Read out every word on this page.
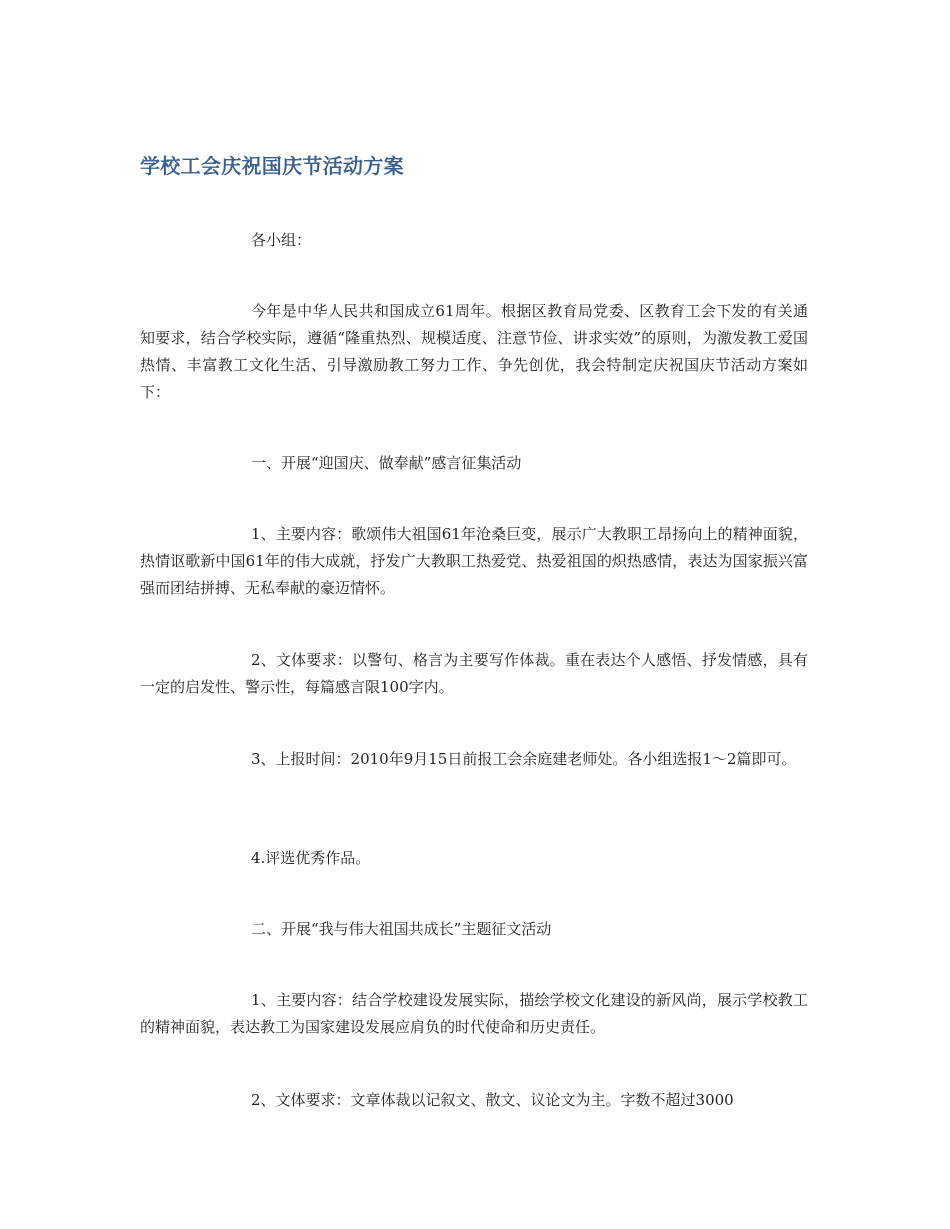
学校工会庆祝国庆节活动方案

各小组：

今年是中华人民共和国成立61周年。根据区教育局党委、区教育工会下发的有关通知要求，结合学校实际，遵循“隆重热烈、规模适度、注意节俭、讲求实效”的原则，为激发教工爱国热情、丰富教工文化生活、引导激励教工努力工作、争先创优，我会特制定庆祝国庆节活动方案如下：

一、开展“迎国庆、做奉献”感言征集活动

1、主要内容：歌颂伟大祖国61年沧桑巨变，展示广大教职工昂扬向上的精神面貌，热情讴歌新中国61年的伟大成就，抒发广大教职工热爱党、热爱祖国的炽热感情，表达为国家振兴富强而团结拼搏、无私奉献的豪迈情怀。

2、文体要求：以警句、格言为主要写作体裁。重在表达个人感悟、抒发情感，具有一定的启发性、警示性，每篇感言限100字内。

3、上报时间：2010年9月15日前报工会余庭建老师处。各小组选报1～2篇即可。

4.评选优秀作品。

二、开展“我与伟大祖国共成长”主题征文活动

1、主要内容：结合学校建设发展实际，描绘学校文化建设的新风尚，展示学校教工的精神面貌，表达教工为国家建设发展应肩负的时代使命和历史责任。

2、文体要求：文章体裁以记叙文、散文、议论文为主。字数不超过3000
